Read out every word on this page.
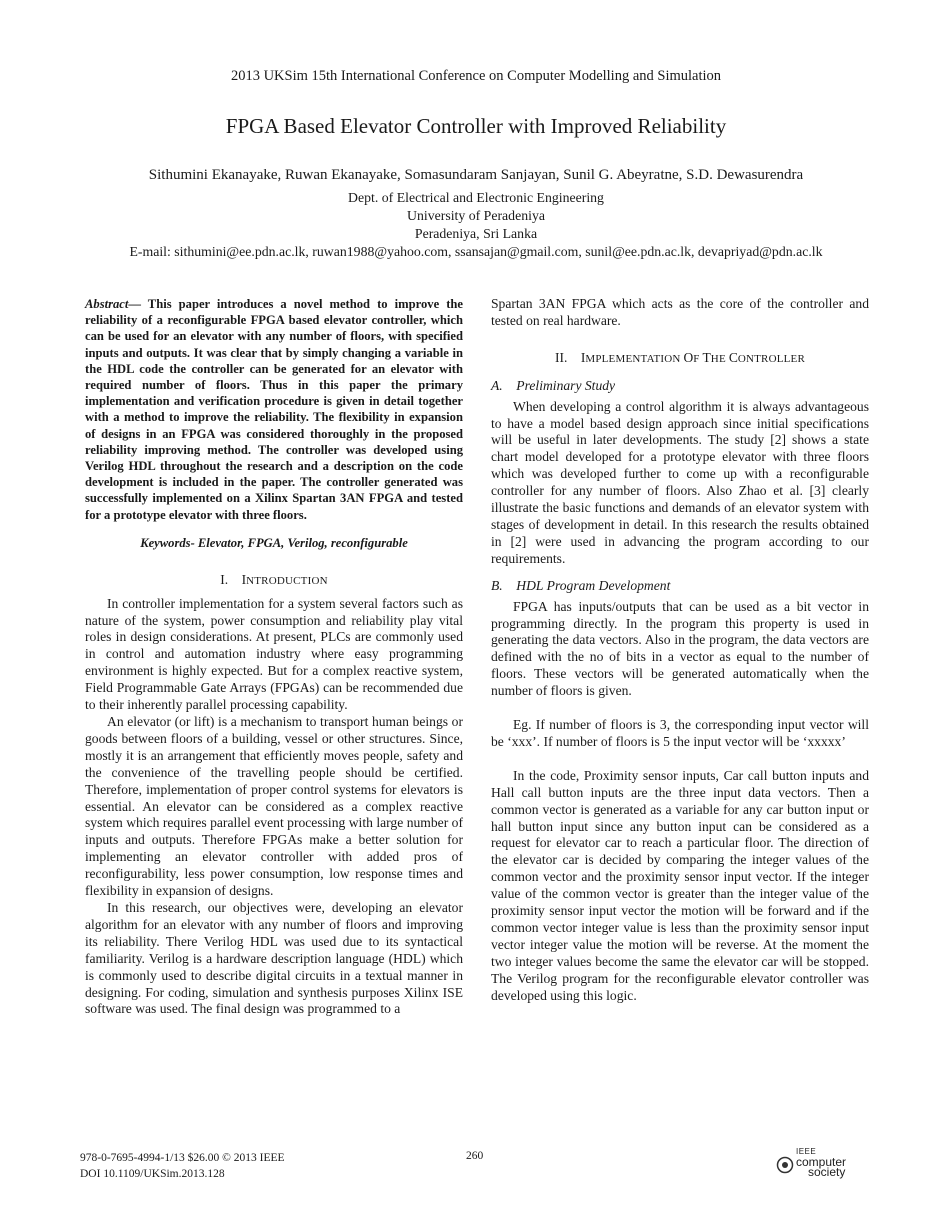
2013 UKSim 15th International Conference on Computer Modelling and Simulation
FPGA Based Elevator Controller with Improved Reliability
Sithumini Ekanayake, Ruwan Ekanayake, Somasundaram Sanjayan, Sunil G. Abeyratne, S.D. Dewasurendra
Dept. of Electrical and Electronic Engineering
University of Peradeniya
Peradeniya, Sri Lanka
E-mail: sithumini@ee.pdn.ac.lk, ruwan1988@yahoo.com, ssansajan@gmail.com, sunil@ee.pdn.ac.lk, devapriyad@pdn.ac.lk

Abstract— This paper introduces a novel method to improve the reliability of a reconfigurable FPGA based elevator controller, which can be used for an elevator with any number of floors, with specified inputs and outputs. It was clear that by simply changing a variable in the HDL code the controller can be generated for an elevator with required number of floors. Thus in this paper the primary implementation and verification procedure is given in detail together with a method to improve the reliability. The flexibility in expansion of designs in an FPGA was considered thoroughly in the proposed reliability improving method. The controller was developed using Verilog HDL throughout the research and a description on the code development is included in the paper. The controller generated was successfully implemented on a Xilinx Spartan 3AN FPGA and tested for a prototype elevator with three floors.

Keywords- Elevator, FPGA, Verilog, reconfigurable

I. INTRODUCTION

In controller implementation for a system several factors such as nature of the system, power consumption and reliability play vital roles in design considerations. At present, PLCs are commonly used in control and automation industry where easy programming environment is highly expected. But for a complex reactive system, Field Programmable Gate Arrays (FPGAs) can be recommended due to their inherently parallel processing capability.

An elevator (or lift) is a mechanism to transport human beings or goods between floors of a building, vessel or other structures. Since, mostly it is an arrangement that efficiently moves people, safety and the convenience of the travelling people should be certified. Therefore, implementation of proper control systems for elevators is essential. An elevator can be considered as a complex reactive system which requires parallel event processing with large number of inputs and outputs. Therefore FPGAs make a better solution for implementing an elevator controller with added pros of reconfigurability, less power consumption, low response times and flexibility in expansion of designs.

In this research, our objectives were, developing an elevator algorithm for an elevator with any number of floors and improving its reliability. There Verilog HDL was used due to its syntactical familiarity. Verilog is a hardware description language (HDL) which is commonly used to describe digital circuits in a textual manner in designing. For coding, simulation and synthesis purposes Xilinx ISE software was used. The final design was programmed to a

Spartan 3AN FPGA which acts as the core of the controller and tested on real hardware.

II. IMPLEMENTATION OF THE CONTROLLER

A. Preliminary Study

When developing a control algorithm it is always advantageous to have a model based design approach since initial specifications will be useful in later developments. The study [2] shows a state chart model developed for a prototype elevator with three floors which was developed further to come up with a reconfigurable controller for any number of floors. Also Zhao et al. [3] clearly illustrate the basic functions and demands of an elevator system with stages of development in detail. In this research the results obtained in [2] were used in advancing the program according to our requirements.

B. HDL Program Development

FPGA has inputs/outputs that can be used as a bit vector in programming directly. In the program this property is used in generating the data vectors. Also in the program, the data vectors are defined with the no of bits in a vector as equal to the number of floors. These vectors will be generated automatically when the number of floors is given.

Eg. If number of floors is 3, the corresponding input vector will be ‘xxx’. If number of floors is 5 the input vector will be ‘xxxxx’

In the code, Proximity sensor inputs, Car call button inputs and Hall call button inputs are the three input data vectors. Then a common vector is generated as a variable for any car button input or hall button input since any button input can be considered as a request for elevator car to reach a particular floor. The direction of the elevator car is decided by comparing the integer values of the common vector and the proximity sensor input vector. If the integer value of the common vector is greater than the integer value of the proximity sensor input vector the motion will be forward and if the common vector integer value is less than the proximity sensor input vector integer value the motion will be reverse. At the moment the two integer values become the same the elevator car will be stopped. The Verilog program for the reconfigurable elevator controller was developed using this logic.

978-0-7695-4994-1/13 $26.00 © 2013 IEEE
DOI 10.1109/UKSim.2013.128
260	IEEE
computer
society
